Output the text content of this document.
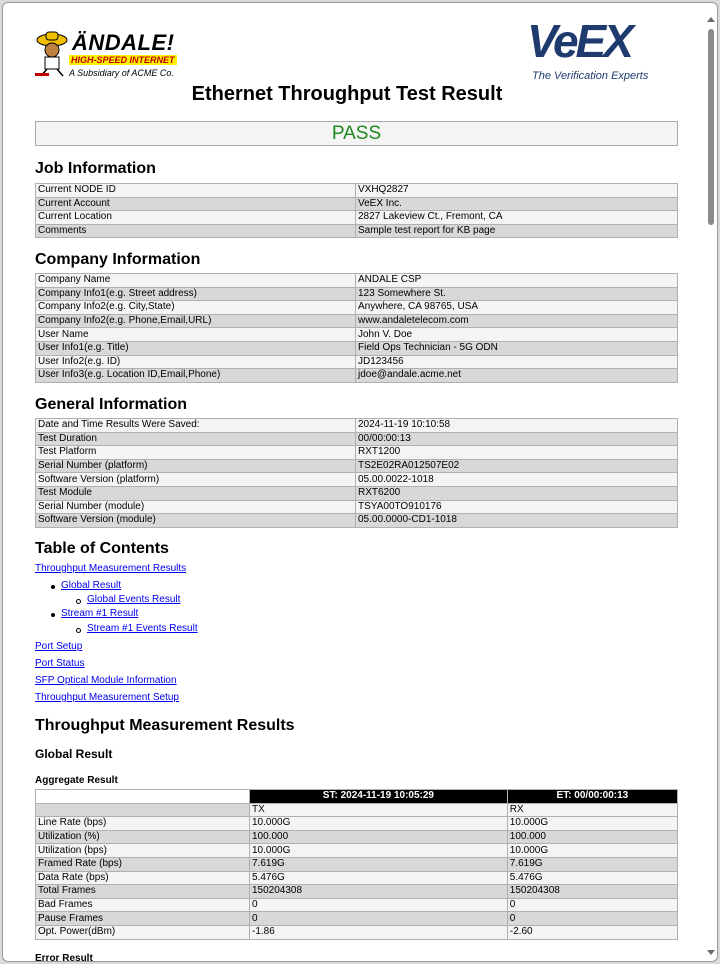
ÄNDALE!
HIGH-SPEED INTERNET
A Subsidiary of ACME Co.
VeEX
The Verification Experts
Ethernet Throughput Test Result
PASS
Job Information
Current NODE ID	VXHQ2827
Current Account	VeEX Inc.
Current Location	2827 Lakeview Ct., Fremont, CA
Comments	Sample test report for KB page
Company Information
Company Name	ANDALE CSP
Company Info1(e.g. Street address)	123 Somewhere St.
Company Info2(e.g. City,State)	Anywhere, CA 98765, USA
Company Info2(e.g. Phone,Email,URL)	www.andaletelecom.com
User Name	John V. Doe
User Info1(e.g. Title)	Field Ops Technician - 5G ODN
User Info2(e.g. ID)	JD123456
User Info3(e.g. Location ID,Email,Phone)	jdoe@andale.acme.net
General Information
Date and Time Results Were Saved:	2024-11-19 10:10:58
Test Duration	00/00:00:13
Test Platform	RXT1200
Serial Number (platform)	TS2E02RA012507E02
Software Version (platform)	05.00.0022-1018
Test Module	RXT6200
Serial Number (module)	TSYA00TO910176
Software Version (module)	05.00.0000-CD1-1018
Table of Contents
Throughput Measurement Results
Global Result
Global Events Result
Stream #1 Result
Stream #1 Events Result
Port Setup
Port Status
SFP Optical Module Information
Throughput Measurement Setup
Throughput Measurement Results
Global Result
Aggregate Result
	ST: 2024-11-19 10:05:29	ET: 00/00:00:13
	TX	RX
Line Rate (bps)	10.000G	10.000G
Utilization (%)	100.000	100.000
Utilization (bps)	10.000G	10.000G
Framed Rate (bps)	7.619G	7.619G
Data Rate (bps)	5.476G	5.476G
Total Frames	150204308	150204308
Bad Frames	0	0
Pause Frames	0	0
Opt. Power(dBm)	-1.86	-2.60
Error Result
